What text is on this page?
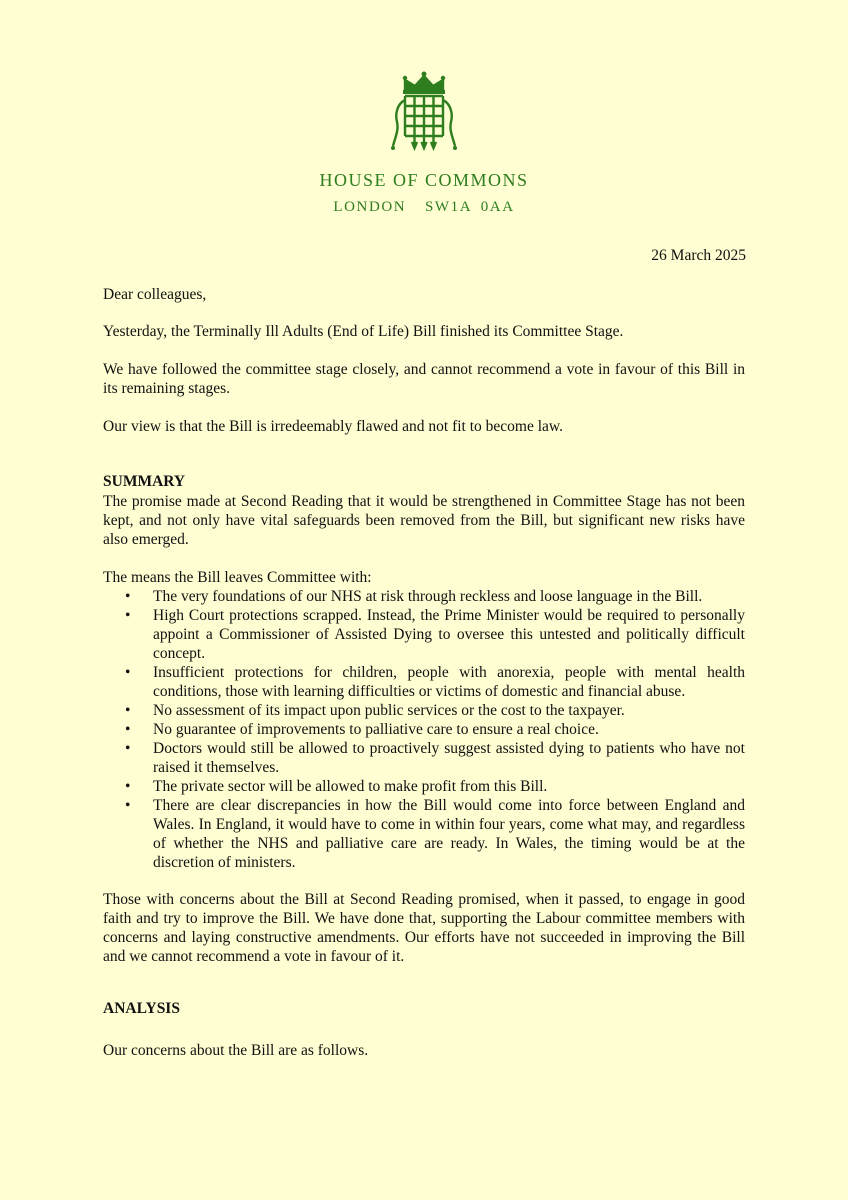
HOUSE OF COMMONS
LONDON  SW1A 0AA
26 March 2025

Dear colleagues,

Yesterday, the Terminally Ill Adults (End of Life) Bill finished its Committee Stage.

We have followed the committee stage closely, and cannot recommend a vote in favour of this Bill in its remaining stages.

Our view is that the Bill is irredeemably flawed and not fit to become law.

SUMMARY

The promise made at Second Reading that it would be strengthened in Committee Stage has not been kept, and not only have vital safeguards been removed from the Bill, but significant new risks have also emerged.

The means the Bill leaves Committee with:

• The very foundations of our NHS at risk through reckless and loose language in the Bill.
• High Court protections scrapped. Instead, the Prime Minister would be required to personally appoint a Commissioner of Assisted Dying to oversee this untested and politically difficult concept.
• Insufficient protections for children, people with anorexia, people with mental health conditions, those with learning difficulties or victims of domestic and financial abuse.
• No assessment of its impact upon public services or the cost to the taxpayer.
• No guarantee of improvements to palliative care to ensure a real choice.
• Doctors would still be allowed to proactively suggest assisted dying to patients who have not raised it themselves.
• The private sector will be allowed to make profit from this Bill.
• There are clear discrepancies in how the Bill would come into force between England and Wales. In England, it would have to come in within four years, come what may, and regardless of whether the NHS and palliative care are ready. In Wales, the timing would be at the discretion of ministers.

Those with concerns about the Bill at Second Reading promised, when it passed, to engage in good faith and try to improve the Bill. We have done that, supporting the Labour committee members with concerns and laying constructive amendments. Our efforts have not succeeded in improving the Bill and we cannot recommend a vote in favour of it.

ANALYSIS

Our concerns about the Bill are as follows.
